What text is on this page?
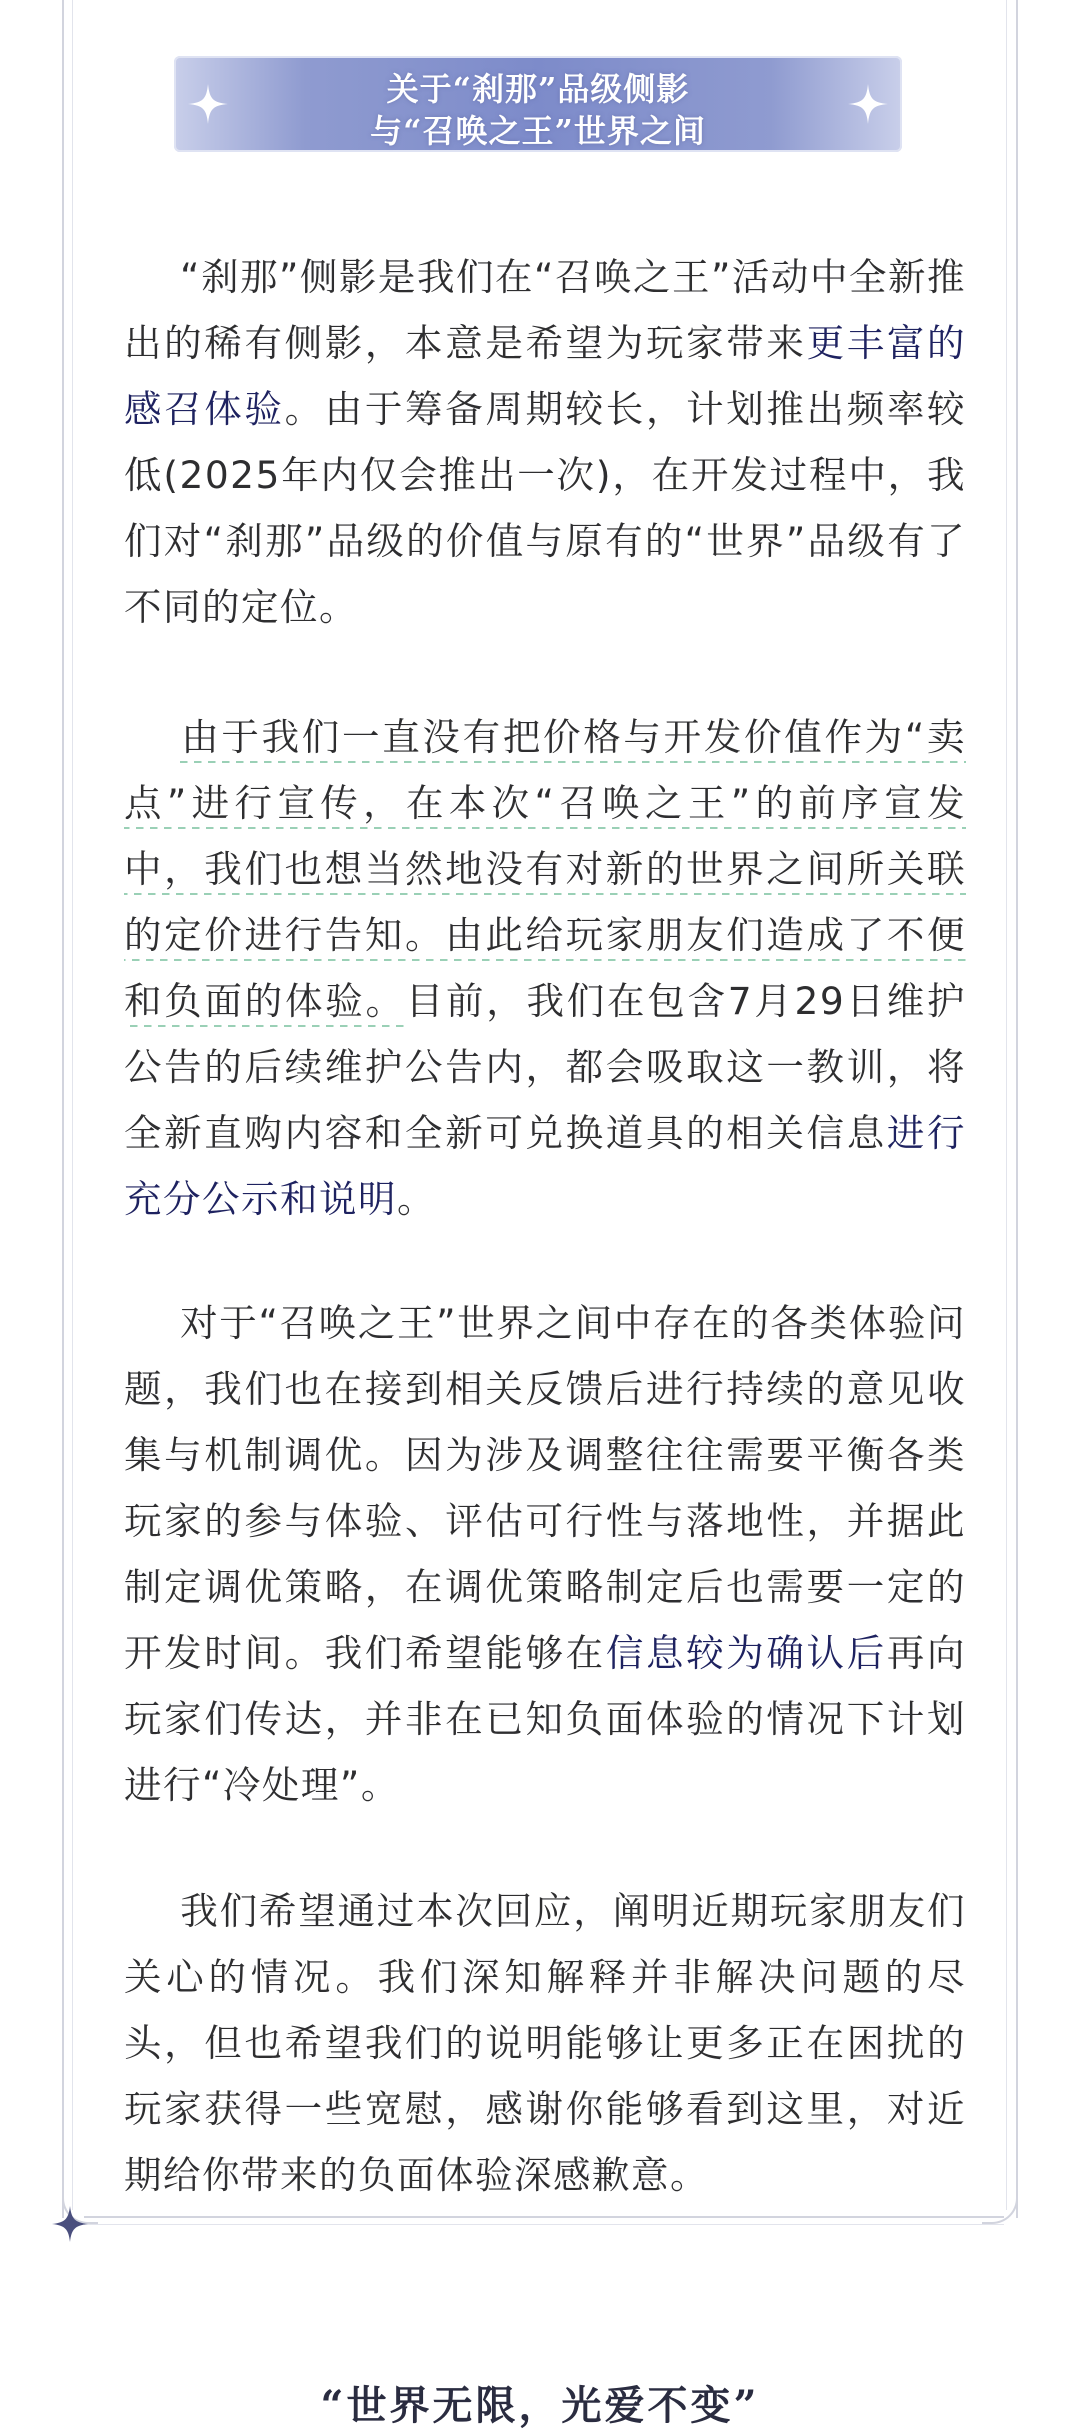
关于“刹那”品级侧影
与“召唤之王”世界之间

“刹那”侧影是我们在“召唤之王”活动中全新推出的稀有侧影，本意是希望为玩家带来更丰富的感召体验。由于筹备周期较长，计划推出频率较低(2025年内仅会推出一次)，在开发过程中，我们对“刹那”品级的价值与原有的“世界”品级有了不同的定位。

由于我们一直没有把价格与开发价值作为“卖点”进行宣传，在本次“召唤之王”的前序宣发中，我们也想当然地没有对新的世界之间所关联的定价进行告知。由此给玩家朋友们造成了不便和负面的体验。目前，我们在包含7月29日维护公告的后续维护公告内，都会吸取这一教训，将全新直购内容和全新可兑换道具的相关信息进行充分公示和说明。

对于“召唤之王”世界之间中存在的各类体验问题，我们也在接到相关反馈后进行持续的意见收集与机制调优。因为涉及调整往往需要平衡各类玩家的参与体验、评估可行性与落地性，并据此制定调优策略，在调优策略制定后也需要一定的开发时间。我们希望能够在信息较为确认后再向玩家们传达，并非在已知负面体验的情况下计划进行“冷处理”。

我们希望通过本次回应，阐明近期玩家朋友们关心的情况。我们深知解释并非解决问题的尽头，但也希望我们的说明能够让更多正在困扰的玩家获得一些宽慰，感谢你能够看到这里，对近期给你带来的负面体验深感歉意。

“世界无限，光爱不变”
